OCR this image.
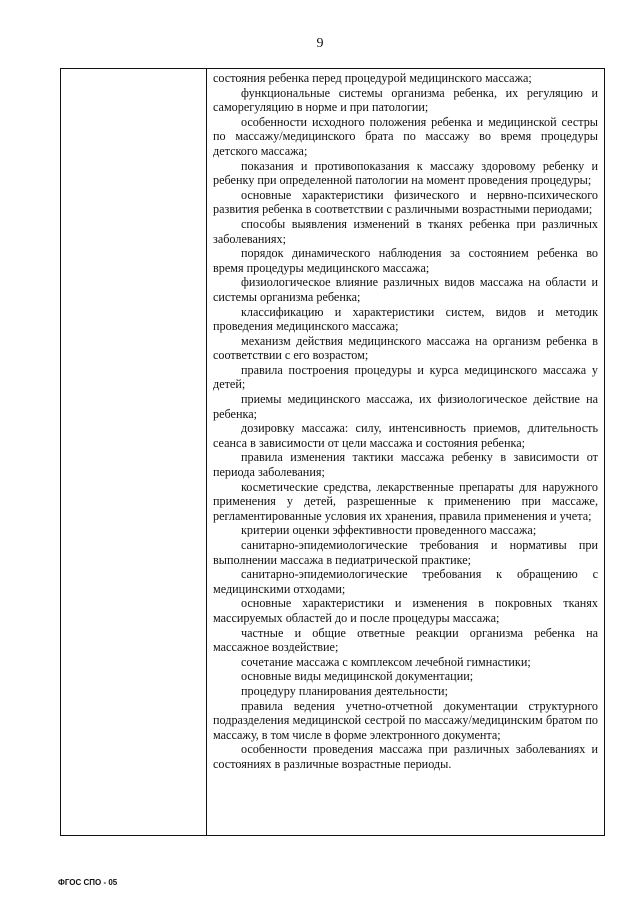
9

состояния ребенка перед процедурой медицинского массажа;

функциональные системы организма ребенка, их регуляцию и саморегуляцию в норме и при патологии;

особенности исходного положения ребенка и медицинской сестры по массажу/медицинского брата по массажу во время процедуры детского массажа;

показания и противопоказания к массажу здоровому ребенку и ребенку при определенной патологии на момент проведения процедуры;

основные характеристики физического и нервно-психического развития ребенка в соответствии с различными возрастными периодами;

способы выявления изменений в тканях ребенка при различных заболеваниях;

порядок динамического наблюдения за состоянием ребенка во время процедуры медицинского массажа;

физиологическое влияние различных видов массажа на области и системы организма ребенка;

классификацию и характеристики систем, видов и методик проведения медицинского массажа;

механизм действия медицинского массажа на организм ребенка в соответствии с его возрастом;

правила построения процедуры и курса медицинского массажа у детей;

приемы медицинского массажа, их физиологическое действие на ребенка;

дозировку массажа: силу, интенсивность приемов, длительность сеанса в зависимости от цели массажа и состояния ребенка;

правила изменения тактики массажа ребенку в зависимости от периода заболевания;

косметические средства, лекарственные препараты для наружного применения у детей, разрешенные к применению при массаже, регламентированные условия их хранения, правила применения и учета;

критерии оценки эффективности проведенного массажа;

санитарно-эпидемиологические требования и нормативы при выполнении массажа в педиатрической практике;

санитарно-эпидемиологические требования к обращению с медицинскими отходами;

основные характеристики и изменения в покровных тканях массируемых областей до и после процедуры массажа;

частные и общие ответные реакции организма ребенка на массажное воздействие;

сочетание массажа с комплексом лечебной гимнастики;

основные виды медицинской документации;

процедуру планирования деятельности;

правила ведения учетно-отчетной документации структурного подразделения медицинской сестрой по массажу/медицинским братом по массажу, в том числе в форме электронного документа;

особенности проведения массажа при различных заболеваниях и состояниях в различные возрастные периоды.

ФГОС СПО - 05
